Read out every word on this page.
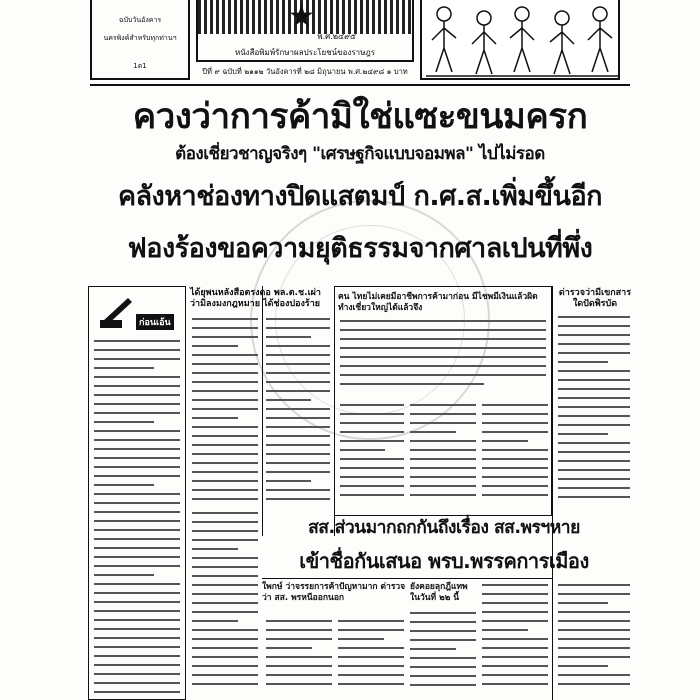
ฉบับวันอังคาร
นครพิงค์สำหรับทุกท่านฯ
1ต1
★
พ.ศ.๒๔๙๕
หนังสือพิมพ์รักษาผลประโยชน์ของราษฎร
ปีที่ ๙ ฉบับที่ ๒๑๑๒ วันอังคารที่ ๒๘ มิถุนายน พ.ศ.๒๔๙๘ ๑ บาท
ควงว่าการค้ามิใช่แซะขนมครก
ต้องเชี่ยวชาญจริงๆ "เศรษฐกิจแบบจอมพล" ไปไม่รอด
คลังหาช่องทางปิดแสตมป์ ก.ศ.ส.เพิ่มขึ้นอีก
ฟองร้องขอความยุติธรรมจากศาลเปนที่พึ่ง
ก่อนเอ้น
ได้ยุพนหลังสือตรงตอ พล.ต.ช.เผ่า ว่ามิลงมงกฎหมาย ได้ช่องปองร้าย
คน ไทยไม่เคยมีอาชีพการค้ามาก่อน มีไชพมีเงินแล้วผิดทำงเชี่ยวใหญ่ได้แล้วจึง
ด่ารวจว่ามีเขกสาร ใดปัดพิรบัด
สส.ส่วนมากถกกันถึงเรื่อง สส.พรฯหาย
เข้าชื่อกันเสนอ พรบ.พรรคการเมือง
ใพกษ์ ว่าจรรยการค้าปัญหามาก ต่ารวจว่า สส. พรหนีออกนอก
ยังคอยลุกฎีแทพ ในวันที่ ๒๒ นี้
